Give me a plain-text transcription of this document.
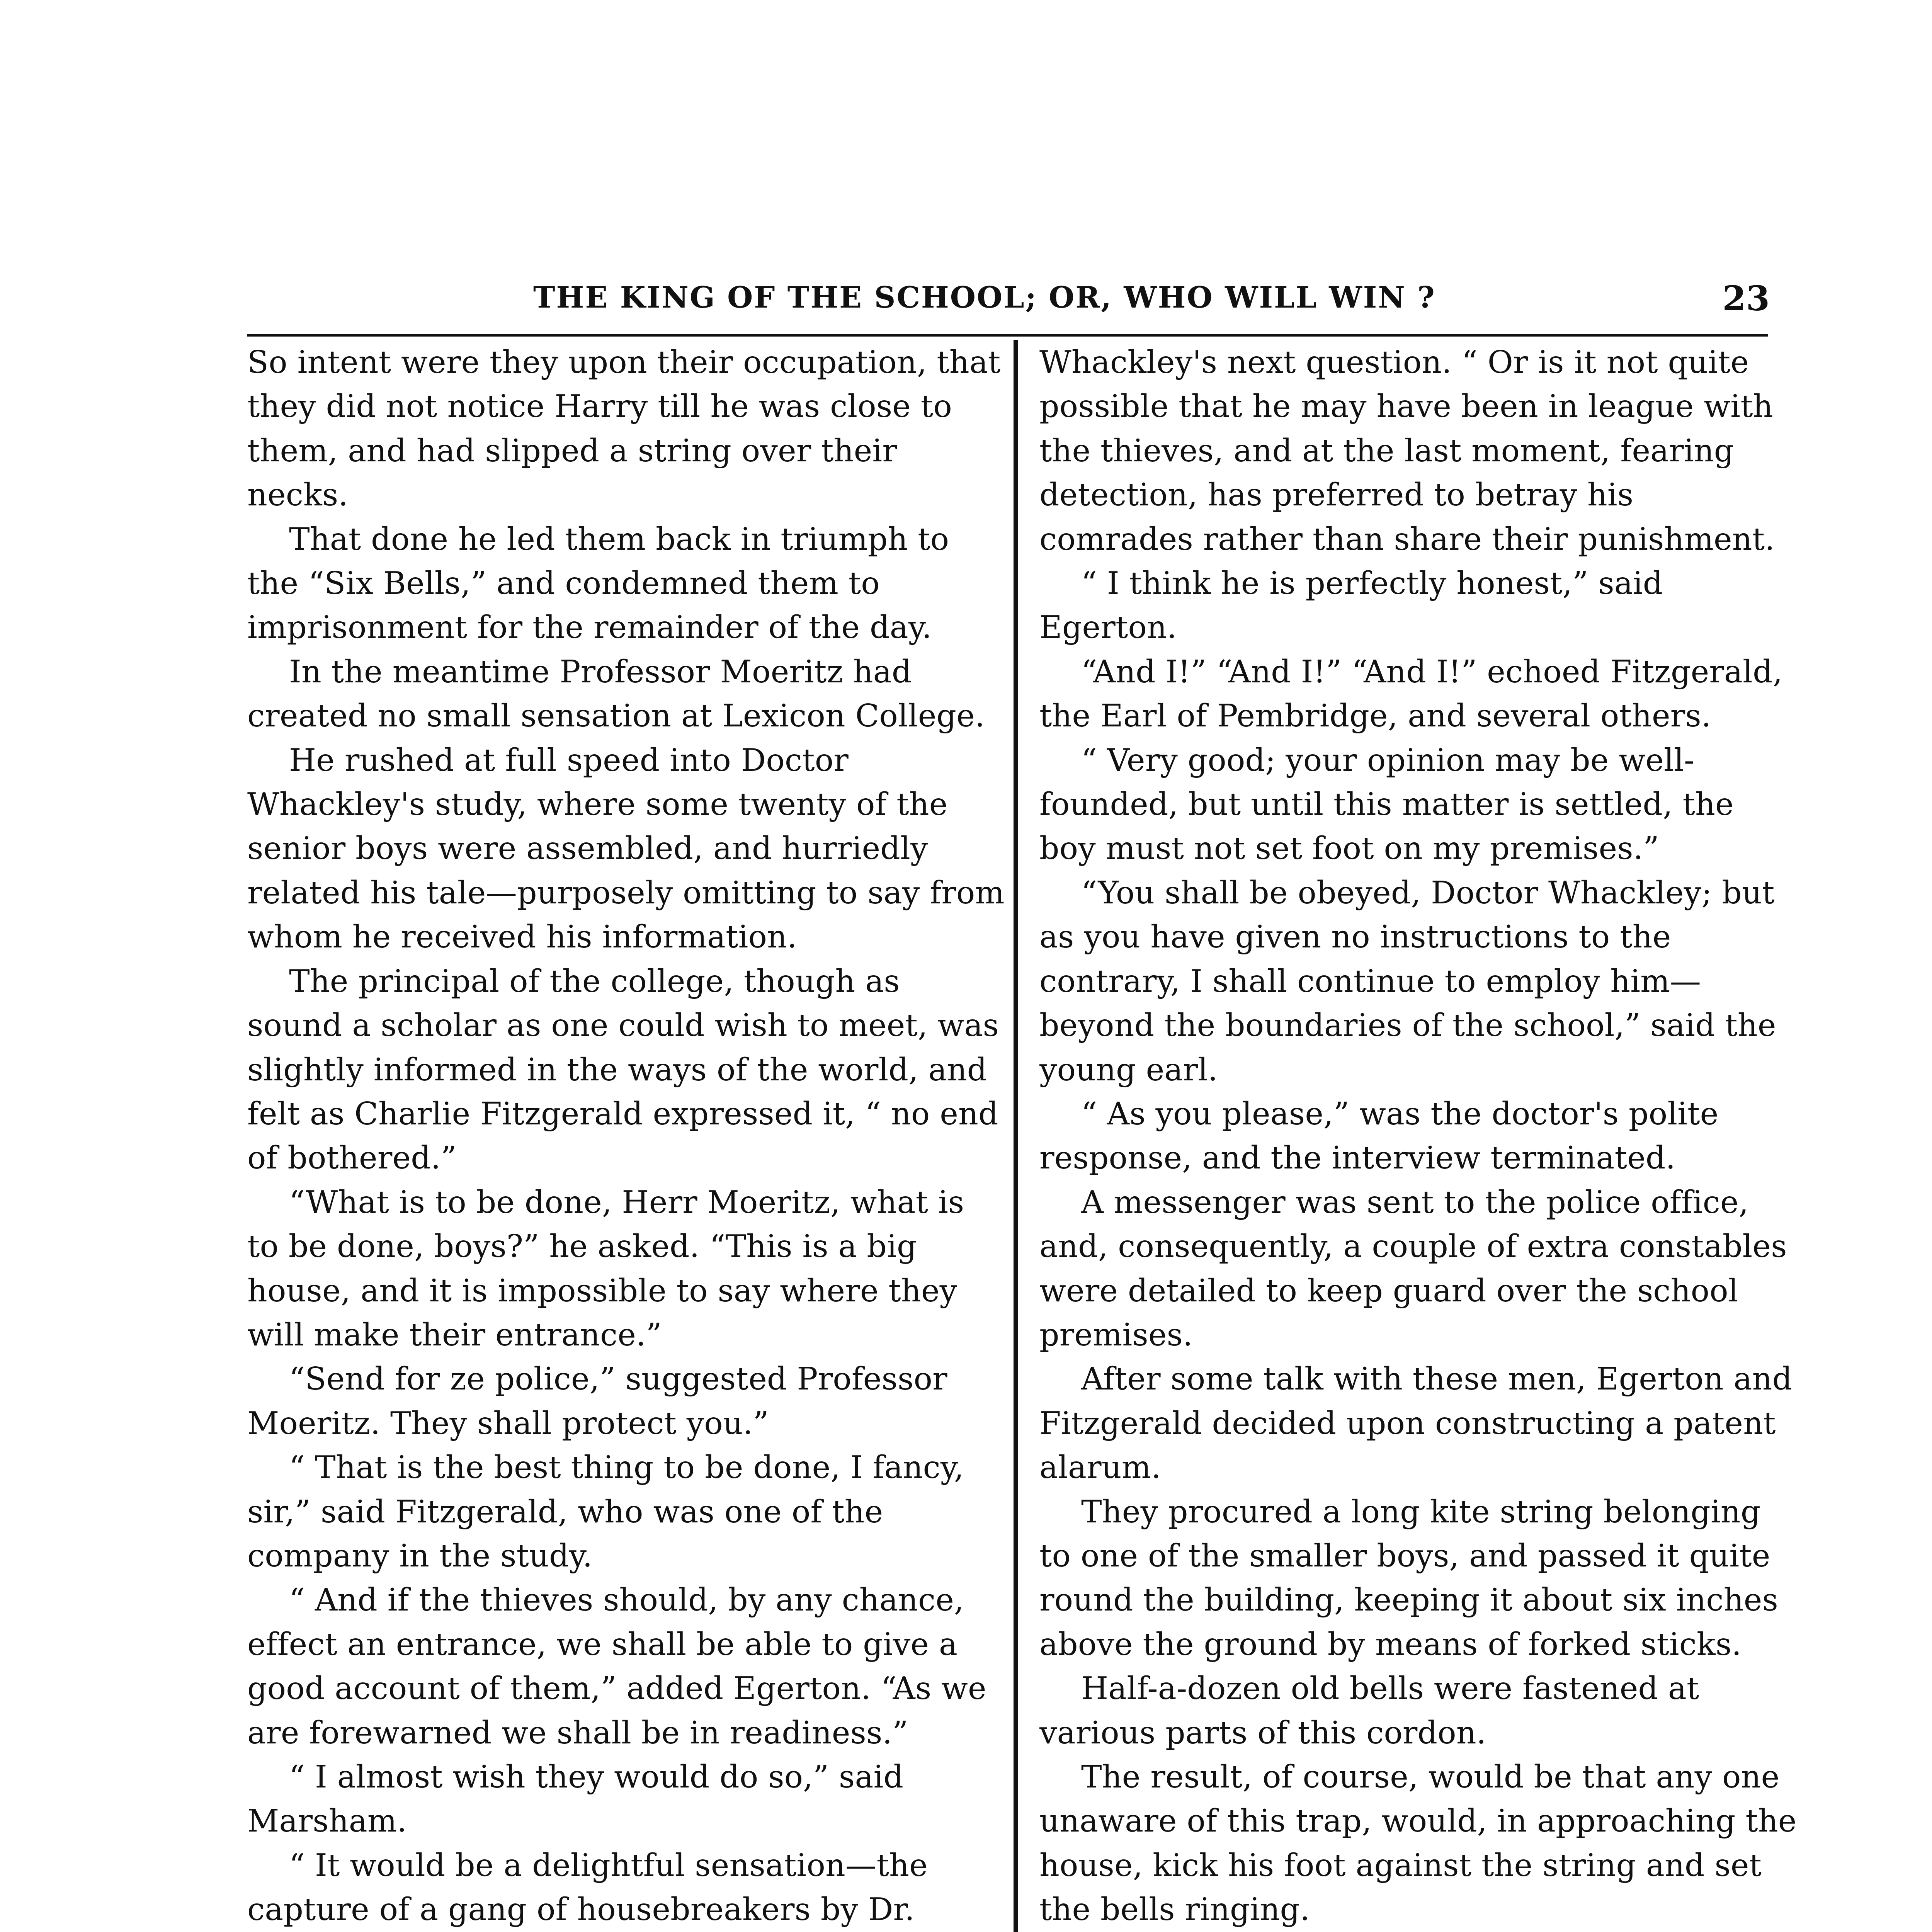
THE KING OF THE SCHOOL; OR, WHO WILL WIN ?	23

So intent were they upon their occupation, that they did not notice Harry till he was close to them, and had slipped a string over their necks.

That done he led them back in triumph to the “Six Bells,” and condemned them to imprisonment for the remainder of the day.

In the meantime Professor Moeritz had created no small sensation at Lexicon College.

He rushed at full speed into Doctor Whackley's study, where some twenty of the senior boys were assembled, and hurriedly related his tale—purposely omitting to say from whom he received his information.

The principal of the college, though as sound a scholar as one could wish to meet, was slightly informed in the ways of the world, and felt as Charlie Fitzgerald expressed it, “ no end of bothered.”

“What is to be done, Herr Moeritz, what is to be done, boys?” he asked. “This is a big house, and it is impossible to say where they will make their entrance.”

“Send for ze police,” suggested Professor Moeritz. They shall protect you.”

“ That is the best thing to be done, I fancy, sir,” said Fitzgerald, who was one of the company in the study.

“ And if the thieves should, by any chance, effect an entrance, we shall be able to give a good account of them,” added Egerton. “As we are forewarned we shall be in readiness.”

“ I almost wish they would do so,” said Marsham.

“ It would be a delightful sensation—the capture of a gang of housebreakers by Dr.

Whackley's next question. “ Or is it not quite possible that he may have been in league with the thieves, and at the last moment, fearing detection, has preferred to betray his comrades rather than share their punishment.

“ I think he is perfectly honest,” said Egerton.

“And I!” “And I!” “And I!” echoed Fitzgerald, the Earl of Pembridge, and several others.

“ Very good; your opinion may be well-founded, but until this matter is settled, the boy must not set foot on my premises.”

“You shall be obeyed, Doctor Whackley; but as you have given no instructions to the contrary, I shall continue to employ him—beyond the boundaries of the school,” said the young earl.

“ As you please,” was the doctor's polite response, and the interview terminated.

A messenger was sent to the police office, and, consequently, a couple of extra constables were detailed to keep guard over the school premises.

After some talk with these men, Egerton and Fitzgerald decided upon constructing a patent alarum.

They procured a long kite string belonging to one of the smaller boys, and passed it quite round the building, keeping it about six inches above the ground by means of forked sticks.

Half-a-dozen old bells were fastened at various parts of this cordon.

The result, of course, would be that any one unaware of this trap, would, in approaching the house, kick his foot against the string and set the bells ringing.
